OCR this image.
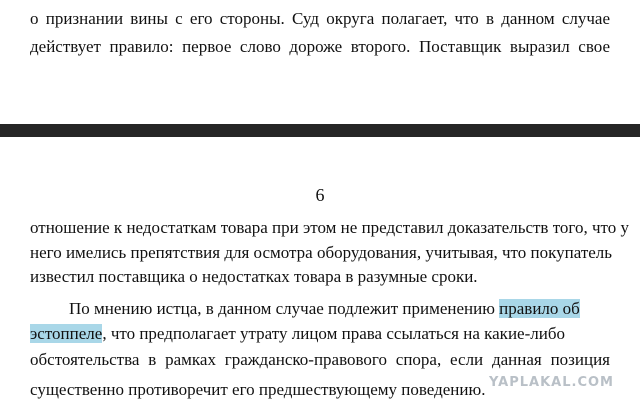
о признании вины с его стороны. Суд округа полагает, что в данном случае
действует правило: первое слово дороже второго. Поставщик выразил свое
6
отношение к недостаткам товара при этом не представил доказательств того, что у
него имелись препятствия для осмотра оборудования, учитывая, что покупатель
известил поставщика о недостатках товара в разумные сроки.
По мнению истца, в данном случае подлежит применению правило об
эстоппеле, что предполагает утрату лицом права ссылаться на какие-либо
обстоятельства в рамках гражданско-правового спора, если данная позиция
существенно противоречит его предшествующему поведению. YAPLAKAL.COM
